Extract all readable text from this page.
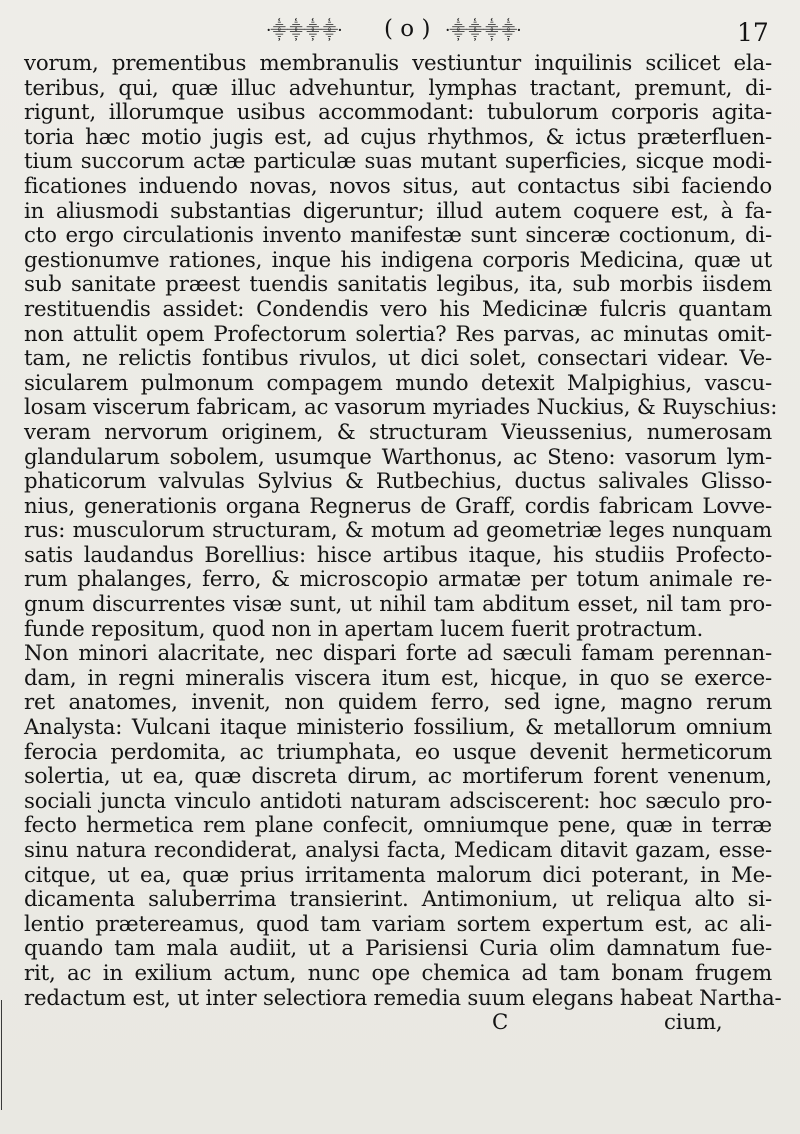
·⸎⸎⸎⸎· ( o ) ·⸎⸎⸎⸎·	17
vorum, prementibus membranulis vestiuntur inquilinis scilicet ela-
teribus, qui, quæ illuc advehuntur, lymphas tractant, premunt, di-
rigunt, illorumque usibus accommodant: tubulorum corporis agita-
toria hæc motio jugis est, ad cujus rhythmos, & ictus præterfluen-
tium succorum actæ particulæ suas mutant superficies, sicque modi-
ficationes induendo novas, novos situs, aut contactus sibi faciendo
in aliusmodi substantias digeruntur; illud autem coquere est, à fa-
cto ergo circulationis invento manifestæ sunt sinceræ coctionum, di-
gestionumve rationes, inque his indigena corporis Medicina, quæ ut
sub sanitate præest tuendis sanitatis legibus, ita, sub morbis iisdem
restituendis assidet: Condendis vero his Medicinæ fulcris quantam
non attulit opem Profectorum solertia? Res parvas, ac minutas omit-
tam, ne relictis fontibus rivulos, ut dici solet, consectari videar. Ve-
sicularem pulmonum compagem mundo detexit Malpighius, vascu-
losam viscerum fabricam, ac vasorum myriades Nuckius, & Ruyschius:
veram nervorum originem, & structuram Vieussenius, numerosam
glandularum sobolem, usumque Warthonus, ac Steno: vasorum lym-
phaticorum valvulas Sylvius & Rutbechius, ductus salivales Glisso-
nius, generationis organa Regnerus de Graff, cordis fabricam Lovve-
rus: musculorum structuram, & motum ad geometriæ leges nunquam
satis laudandus Borellius: hisce artibus itaque, his studiis Profecto-
rum phalanges, ferro, & microscopio armatæ per totum animale re-
gnum discurrentes visæ sunt, ut nihil tam abditum esset, nil tam pro-
funde repositum, quod non in apertam lucem fuerit protractum.
Non minori alacritate, nec dispari forte ad sæculi famam perennan-
dam, in regni mineralis viscera itum est, hicque, in quo se exerce-
ret anatomes, invenit, non quidem ferro, sed igne, magno rerum
Analysta: Vulcani itaque ministerio fossilium, & metallorum omnium
ferocia perdomita, ac triumphata, eo usque devenit hermeticorum
solertia, ut ea, quæ discreta dirum, ac mortiferum forent venenum,
sociali juncta vinculo antidoti naturam adsciscerent: hoc sæculo pro-
fecto hermetica rem plane confecit, omniumque pene, quæ in terræ
sinu natura recondiderat, analysi facta, Medicam ditavit gazam, esse-
citque, ut ea, quæ prius irritamenta malorum dici poterant, in Me-
dicamenta saluberrima transierint. Antimonium, ut reliqua alto si-
lentio prætereamus, quod tam variam sortem expertum est, ac ali-
quando tam mala audiit, ut a Parisiensi Curia olim damnatum fue-
rit, ac in exilium actum, nunc ope chemica ad tam bonam frugem
redactum est, ut inter selectiora remedia suum elegans habeat Nartha-
C	cium,
